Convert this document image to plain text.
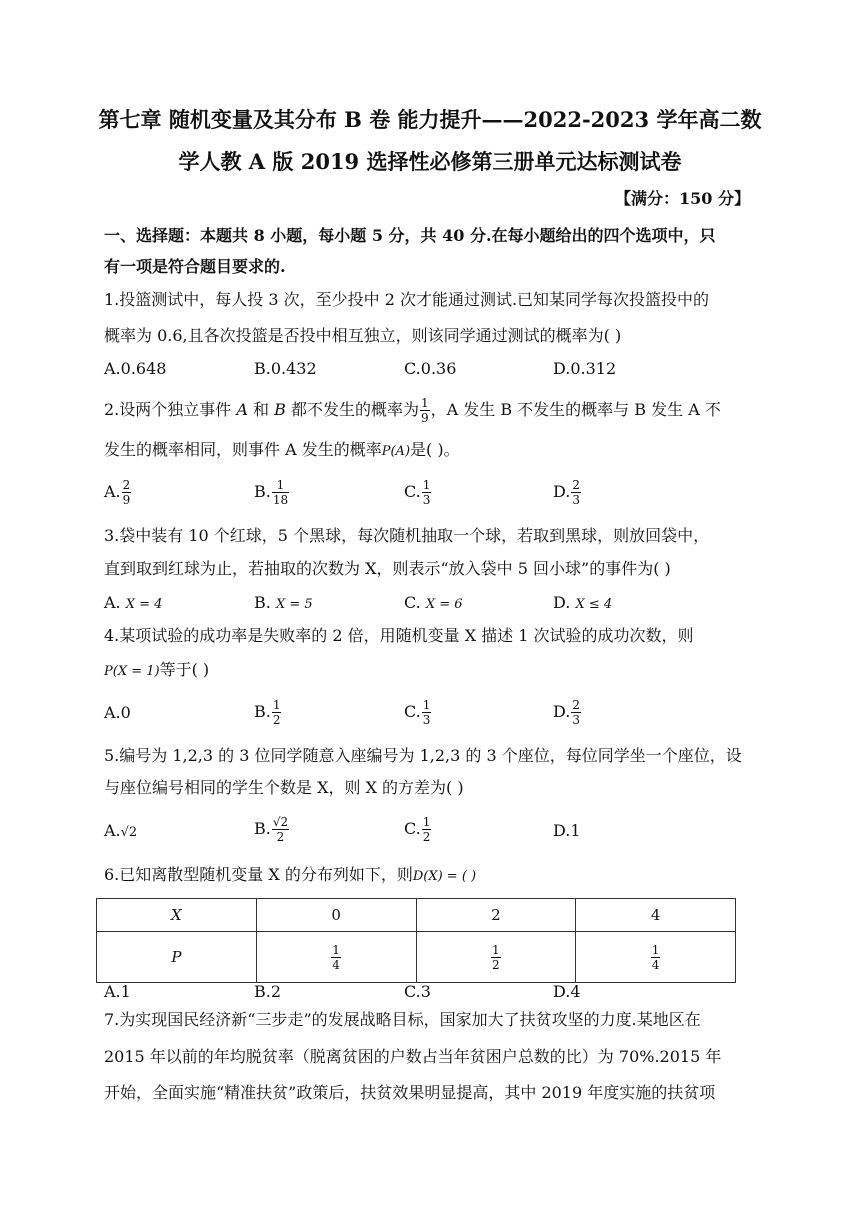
第七章 随机变量及其分布 B 卷 能力提升——2022-2023 学年高二数
学人教 A 版 2019 选择性必修第三册单元达标测试卷
【满分：150 分】
一、选择题：本题共 8 小题，每小题 5 分，共 40 分.在每小题给出的四个选项中，只
有一项是符合题目要求的.
1.投篮测试中，每人投 3 次，至少投中 2 次才能通过测试.已知某同学每次投篮投中的
概率为 0.6,且各次投篮是否投中相互独立，则该同学通过测试的概率为( )
A.0.648	B.0.432	C.0.36	D.0.312
2.设两个独立事件 A 和 B 都不发生的概率为 $\frac{1}{9}$ ，A 发生 B 不发生的概率与 B 发生 A 不
发生的概率相同，则事件 A 发生的概率P(A)是( )。
A. $\frac{2}{9}$	B. $\frac{1}{18}$	C. $\frac{1}{3}$	D. $\frac{2}{3}$
3.袋中装有 10 个红球，5 个黑球，每次随机抽取一个球，若取到黑球，则放回袋中，
直到取到红球为止，若抽取的次数为 X，则表示“放入袋中 5 回小球”的事件为( )
A. X = 4	B. X = 5	C. X = 6	D. X ≤ 4
4.某项试验的成功率是失败率的 2 倍，用随机变量 X 描述 1 次试验的成功次数，则
P(X = 1)等于( )
A.0	B. $\frac{1}{2}$	C. $\frac{1}{3}$	D. $\frac{2}{3}$
5.编号为 1,2,3 的 3 位同学随意入座编号为 1,2,3 的 3 个座位，每位同学坐一个座位，设
与座位编号相同的学生个数是 X，则 X 的方差为( )
A.√2	B. $\frac{√2}{2}$	C. $\frac{1}{2}$	D.1
6.已知离散型随机变量 X 的分布列如下，则D(X) = ( )
X	0	2	4
P	$\frac{1}{4}$	$\frac{1}{2}$	$\frac{1}{4}$
A.1	B.2	C.3	D.4
7.为实现国民经济新“三步走”的发展战略目标，国家加大了扶贫攻坚的力度.某地区在
2015 年以前的年均脱贫率（脱离贫困的户数占当年贫困户总数的比）为 70%.2015 年
开始，全面实施“精准扶贫”政策后，扶贫效果明显提高，其中 2019 年度实施的扶贫项
